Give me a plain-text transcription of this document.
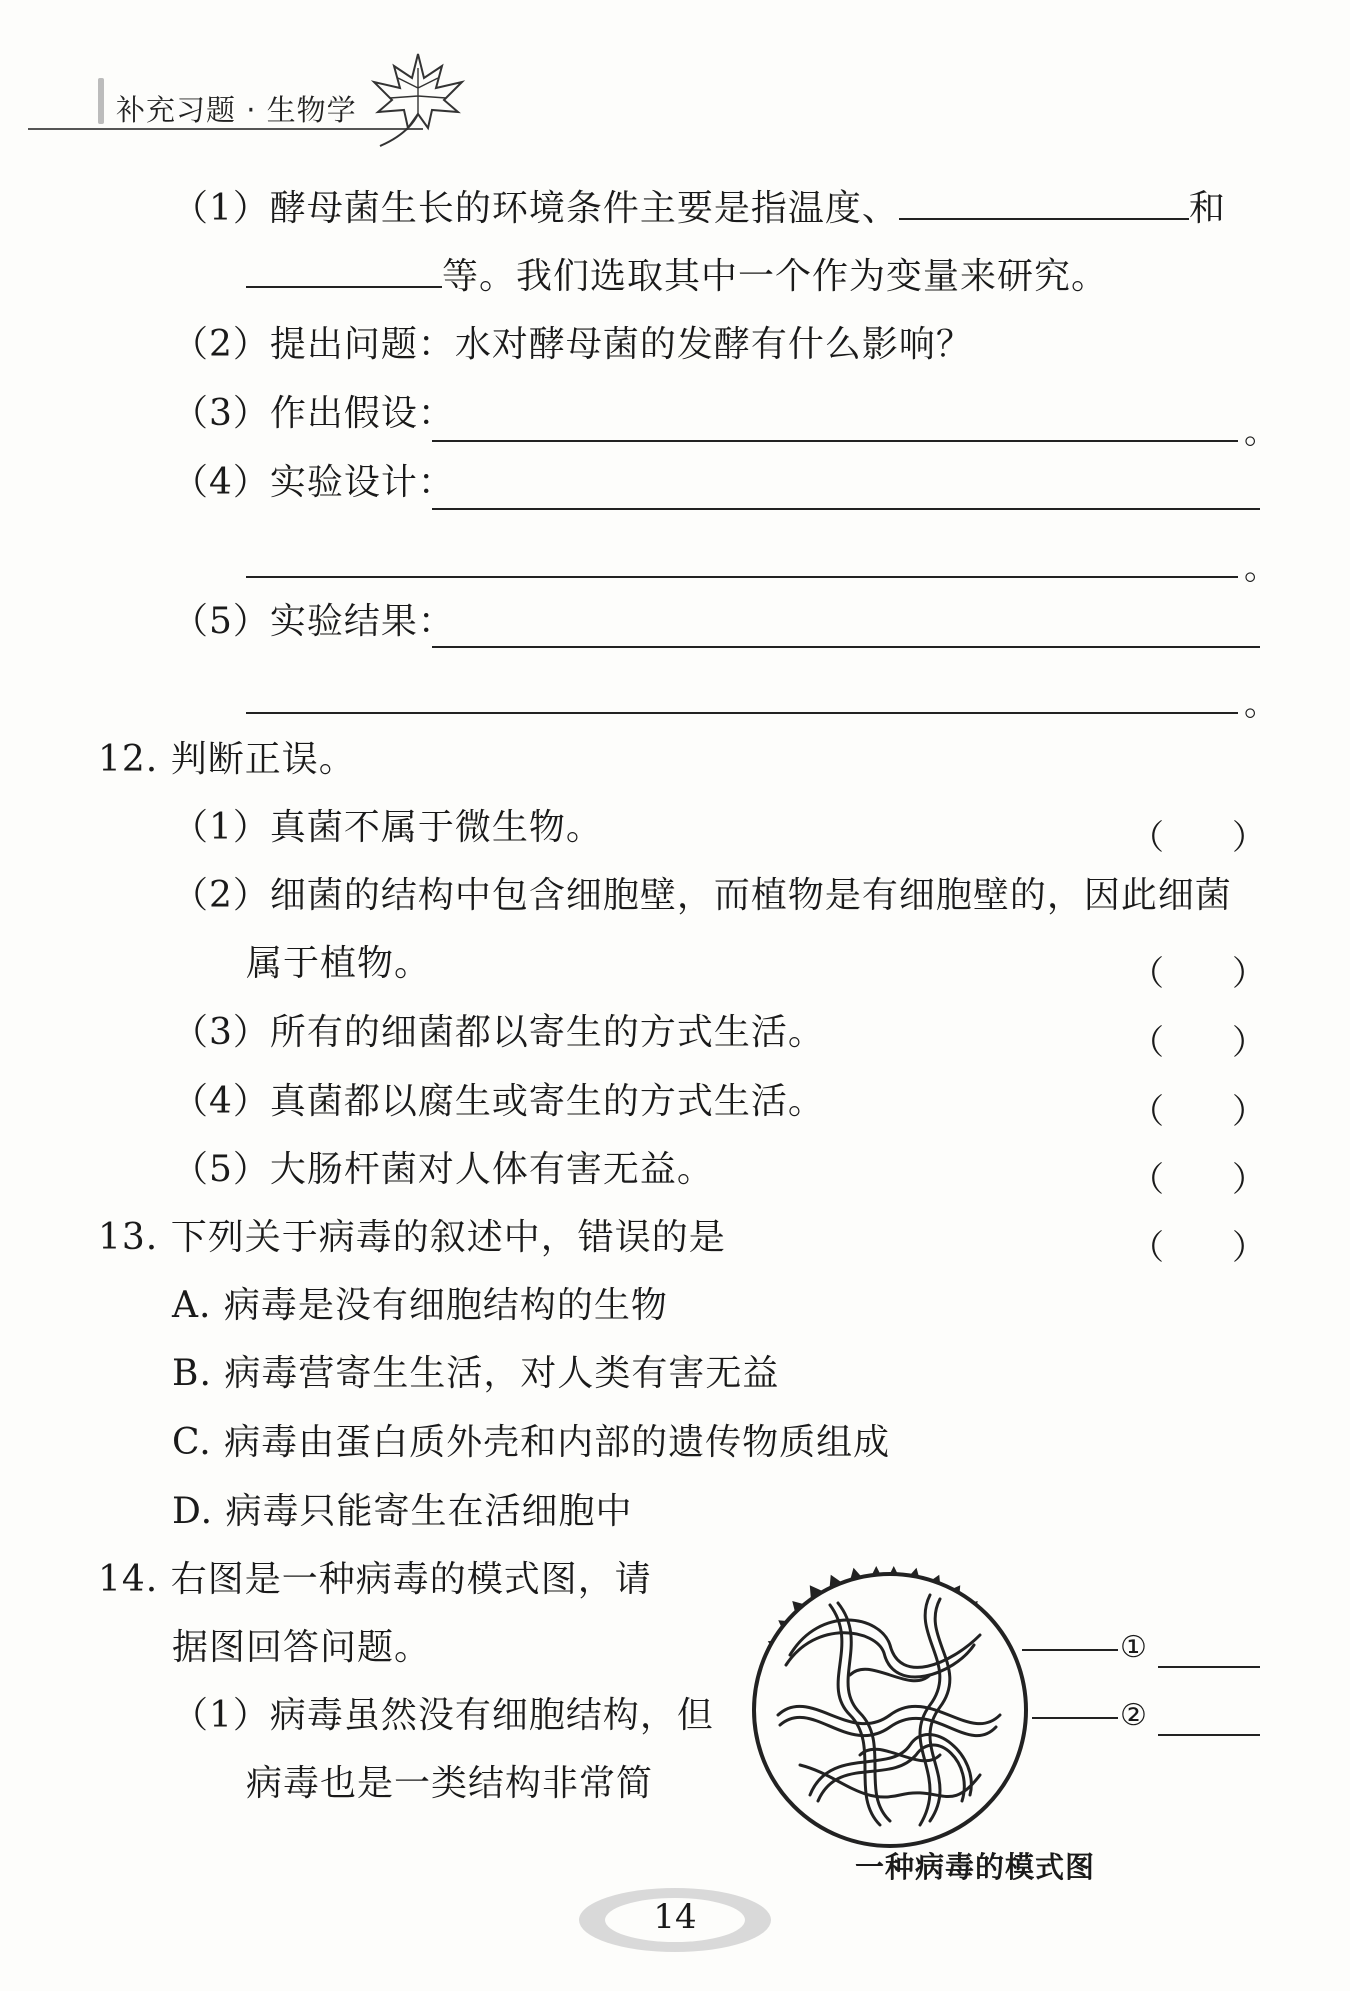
补充习题 · 生物学
（1）酵母菌生长的环境条件主要是指温度、	和
等。我们选取其中一个作为变量来研究。
（2）提出问题：水对酵母菌的发酵有什么影响？
（3）作出假设：	。
（4）实验设计：
。
（5）实验结果：
。
12. 判断正误。
（1）真菌不属于微生物。	（　　）
（2）细菌的结构中包含细胞壁，而植物是有细胞壁的，因此细菌
属于植物。	（　　）
（3）所有的细菌都以寄生的方式生活。	（　　）
（4）真菌都以腐生或寄生的方式生活。	（　　）
（5）大肠杆菌对人体有害无益。	（　　）
13. 下列关于病毒的叙述中，错误的是	（　　）
A. 病毒是没有细胞结构的生物
B. 病毒营寄生生活，对人类有害无益
C. 病毒由蛋白质外壳和内部的遗传物质组成
D. 病毒只能寄生在活细胞中
14. 右图是一种病毒的模式图，请
据图回答问题。
（1）病毒虽然没有细胞结构，但
病毒也是一类结构非常简
①
②
一种病毒的模式图
14
